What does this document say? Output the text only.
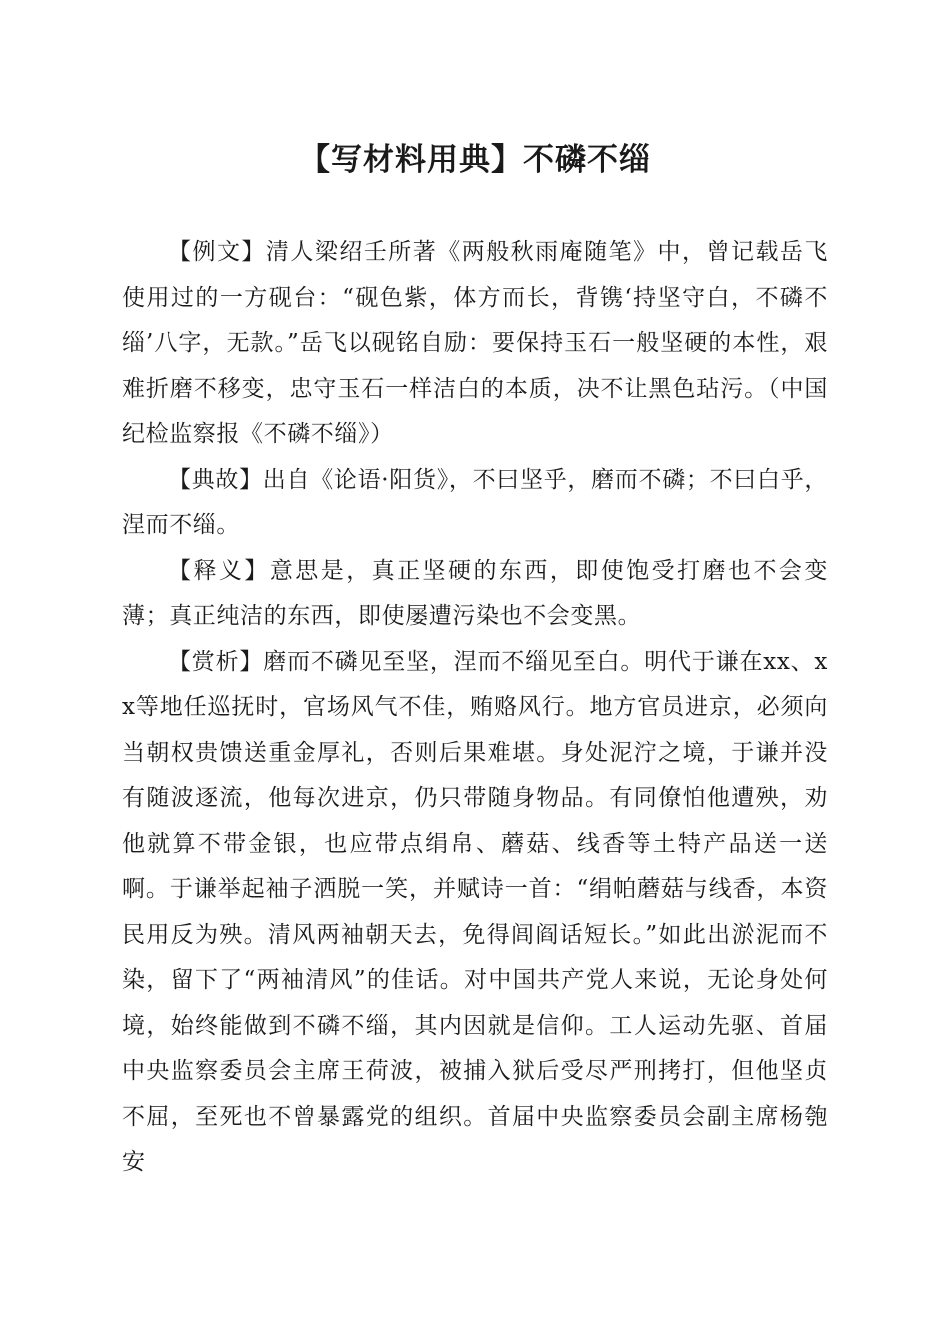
【写材料用典】不磷不缁

【例文】清人梁绍壬所著《两般秋雨庵随笔》中，曾记载岳飞使用过的一方砚台：“砚色紫，体方而长，背镌‘持坚守白，不磷不缁’八字，无款。”岳飞以砚铭自励：要保持玉石一般坚硬的本性，艰难折磨不移变，忠守玉石一样洁白的本质，决不让黑色玷污。（中国纪检监察报《不磷不缁》）

【典故】出自《论语·阳货》，不曰坚乎，磨而不磷；不曰白乎，涅而不缁。

【释义】意思是，真正坚硬的东西，即使饱受打磨也不会变薄；真正纯洁的东西，即使屡遭污染也不会变黑。

【赏析】磨而不磷见至坚，涅而不缁见至白。明代于谦在xx、xx等地任巡抚时，官场风气不佳，贿赂风行。地方官员进京，必须向当朝权贵馈送重金厚礼，否则后果难堪。身处泥泞之境，于谦并没有随波逐流，他每次进京，仍只带随身物品。有同僚怕他遭殃，劝他就算不带金银，也应带点绢帛、蘑菇、线香等土特产品送一送啊。于谦举起袖子洒脱一笑，并赋诗一首：“绢帕蘑菇与线香，本资民用反为殃。清风两袖朝天去，免得闾阎话短长。”如此出淤泥而不染，留下了“两袖清风”的佳话。对中国共产党人来说，无论身处何境，始终能做到不磷不缁，其内因就是信仰。工人运动先驱、首届中央监察委员会主席王荷波，被捕入狱后受尽严刑拷打，但他坚贞不屈，至死也不曾暴露党的组织。首届中央监察委员会副主席杨匏安
